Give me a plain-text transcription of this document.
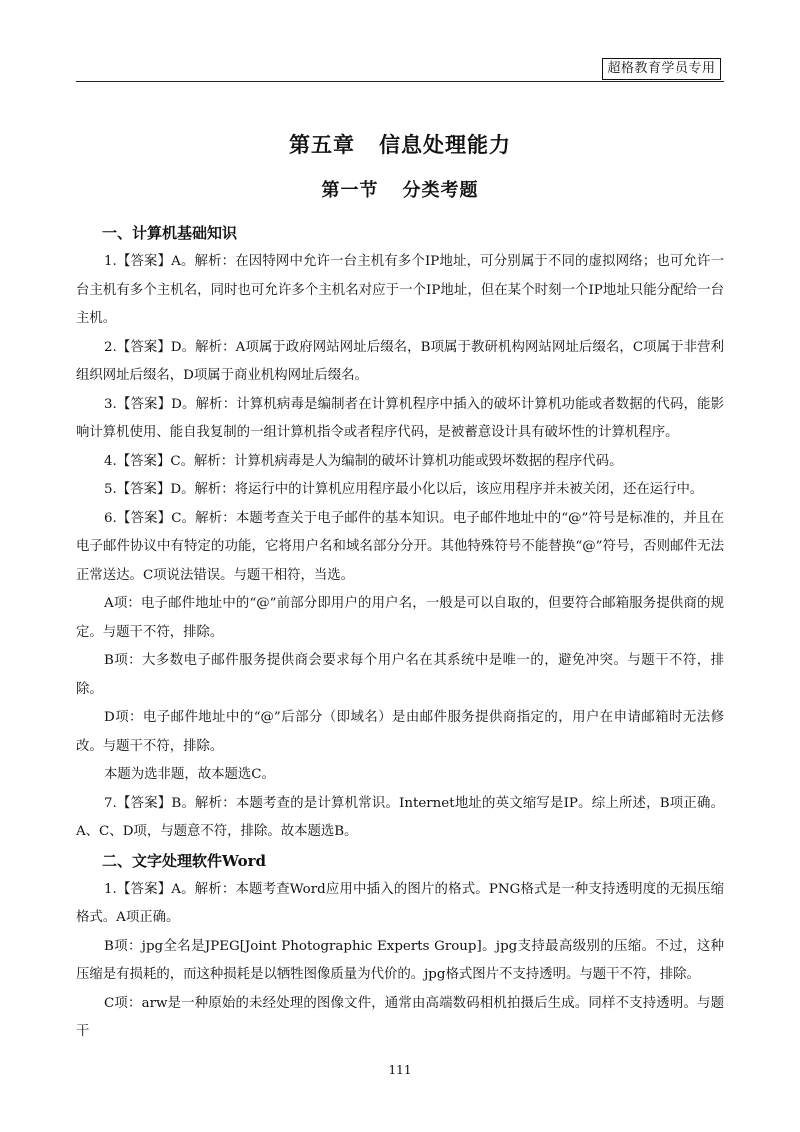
超格教育学员专用
第五章 信息处理能力
第一节 分类考题
一、计算机基础知识

1.【答案】A。解析：在因特网中允许一台主机有多个IP地址，可分别属于不同的虚拟网络；也可允许一台主机有多个主机名，同时也可允许多个主机名对应于一个IP地址，但在某个时刻一个IP地址只能分配给一台主机。

2.【答案】D。解析：A项属于政府网站网址后缀名，B项属于教研机构网站网址后缀名，C项属于非营利组织网址后缀名，D项属于商业机构网址后缀名。

3.【答案】D。解析：计算机病毒是编制者在计算机程序中插入的破坏计算机功能或者数据的代码，能影响计算机使用、能自我复制的一组计算机指令或者程序代码，是被蓄意设计具有破坏性的计算机程序。

4.【答案】C。解析：计算机病毒是人为编制的破坏计算机功能或毁坏数据的程序代码。

5.【答案】D。解析：将运行中的计算机应用程序最小化以后，该应用程序并未被关闭，还在运行中。

6.【答案】C。解析：本题考查关于电子邮件的基本知识。电子邮件地址中的“@”符号是标准的，并且在电子邮件协议中有特定的功能，它将用户名和域名部分分开。其他特殊符号不能替换“@”符号，否则邮件无法正常送达。C项说法错误。与题干相符，当选。

A项：电子邮件地址中的“@”前部分即用户的用户名，一般是可以自取的，但要符合邮箱服务提供商的规定。与题干不符，排除。

B项：大多数电子邮件服务提供商会要求每个用户名在其系统中是唯一的，避免冲突。与题干不符，排除。

D项：电子邮件地址中的“@”后部分（即域名）是由邮件服务提供商指定的，用户在申请邮箱时无法修改。与题干不符，排除。

本题为选非题，故本题选C。

7.【答案】B。解析：本题考查的是计算机常识。Internet地址的英文缩写是IP。综上所述，B项正确。A、C、D项，与题意不符，排除。故本题选B。

二、文字处理软件Word

1.【答案】A。解析：本题考查Word应用中插入的图片的格式。PNG格式是一种支持透明度的无损压缩格式。A项正确。

B项：jpg全名是JPEG[Joint Photographic Experts Group]。jpg支持最高级别的压缩。不过，这种压缩是有损耗的，而这种损耗是以牺牲图像质量为代价的。jpg格式图片不支持透明。与题干不符，排除。

C项：arw是一种原始的未经处理的图像文件，通常由高端数码相机拍摄后生成。同样不支持透明。与题干

111
